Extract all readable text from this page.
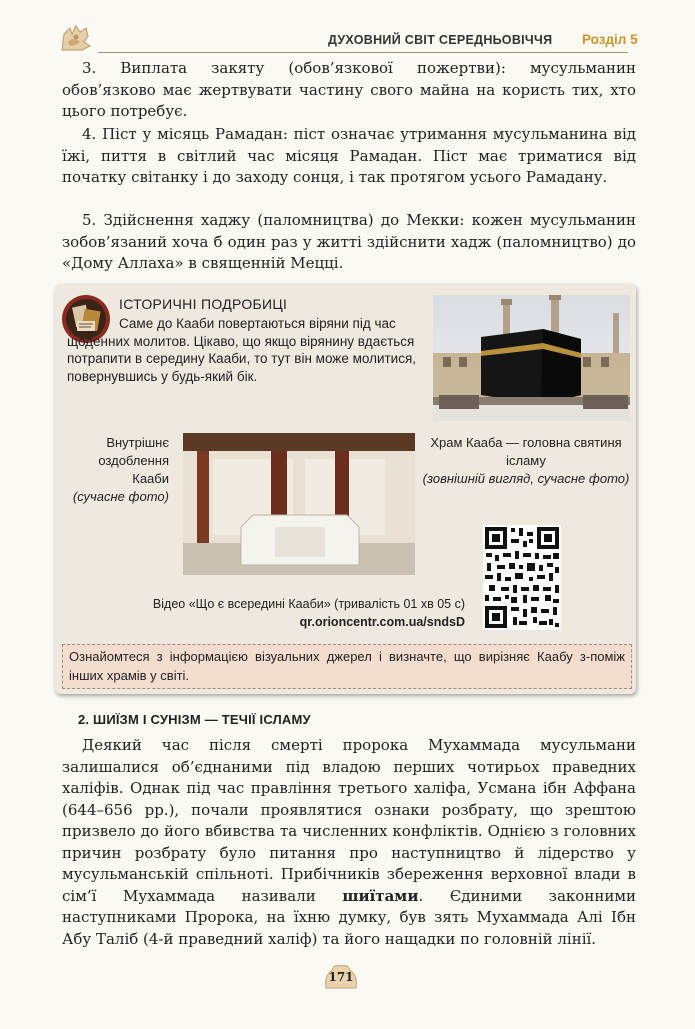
ДУХОВНИЙ СВІТ СЕРЕДНЬОВІЧЧЯ Розділ 5

3. Виплата закяту (обов’язкової пожертви): мусульманин обов’язково має жертвувати частину свого майна на користь тих, хто цього потребує.

4. Піст у місяць Рамадан: піст означає утримання мусульманина від їжі, пиття в світлий час місяця Рамадан. Піст має триматися від початку світанку і до заходу сонця, і так протягом усього Рамадану.

5. Здійснення хаджу (паломництва) до Мекки: кожен мусульманин зобов’язаний хоча б один раз у житті здійснити хадж (паломництво) до «Дому Аллаха» в священній Мецці.

ІСТОРИЧНІ ПОДРОБИЦІ

Саме до Кааби повертаються віряни під час щоденних молитов. Цікаво, що якщо вірянину вдається потрапити в середину Кааби, то тут він може молитися, повернувшись у будь-який бік.

Храм Кааба — головна святиня ісламу
(зовнішній вигляд, сучасне фото)

Внутрішнє оздоблення Кааби
(сучасне фото)

Відео «Що є всередині Кааби» (тривалість 01 хв 05 с)
qr.orioncentr.com.ua/sndsD

Ознайомтеся з інформацією візуальних джерел і визначте, що вирізняє Каабу з-поміж інших храмів у світі.

2. ШИЇЗМ І СУНІЗМ — ТЕЧІЇ ІСЛАМУ

Деякий час після смерті пророка Мухаммада мусульмани залишалися об’єднаними під владою перших чотирьох праведних халіфів. Однак під час правління третього халіфа, Усмана ібн Аффана (644–656 рр.), почали проявлятися ознаки розбрату, що зрештою призвело до його вбивства та численних конфліктів. Однією з головних причин розбрату було питання про наступництво й лідерство у мусульманській спільноті. Прибічників збереження верховної влади в сім’ї Мухаммада називали шиїтами. Єдиними законними наступниками Пророка, на їхню думку, був зять Мухаммада Алі Ібн Абу Таліб (4-й праведний халіф) та його нащадки по головній лінії.

171
